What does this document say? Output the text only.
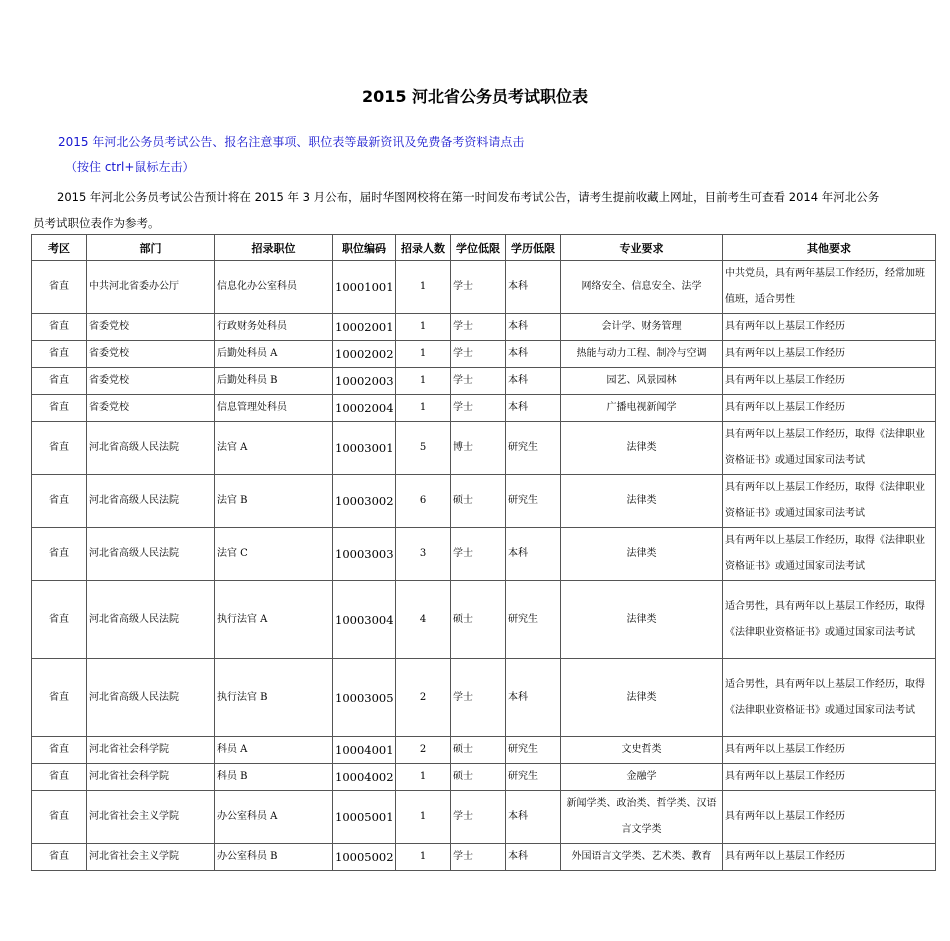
2015 河北省公务员考试职位表
2015 年河北公务员考试公告、报名注意事项、职位表等最新资讯及免费备考资料请点击
（按住 ctrl+鼠标左击）
2015 年河北公务员考试公告预计将在 2015 年 3 月公布，届时华图网校将在第一时间发布考试公告，请考生提前收藏上网址，目前考生可查看 2014 年河北公务员考试职位表作为参考。
考区	部门	招录职位	职位编码	招录人数	学位低限	学历低限	专业要求	其他要求
省直	中共河北省委办公厅	信息化办公室科员	10001001	1	学士	本科	网络安全、信息安全、法学	中共党员，具有两年基层工作经历，经常加班值班，适合男性
省直	省委党校	行政财务处科员	10002001	1	学士	本科	会计学、财务管理	具有两年以上基层工作经历
省直	省委党校	后勤处科员 A	10002002	1	学士	本科	热能与动力工程、制冷与空调	具有两年以上基层工作经历
省直	省委党校	后勤处科员 B	10002003	1	学士	本科	园艺、风景园林	具有两年以上基层工作经历
省直	省委党校	信息管理处科员	10002004	1	学士	本科	广播电视新闻学	具有两年以上基层工作经历
省直	河北省高级人民法院	法官 A	10003001	5	博士	研究生	法律类	具有两年以上基层工作经历，取得《法律职业资格证书》或通过国家司法考试
省直	河北省高级人民法院	法官 B	10003002	6	硕士	研究生	法律类	具有两年以上基层工作经历，取得《法律职业资格证书》或通过国家司法考试
省直	河北省高级人民法院	法官 C	10003003	3	学士	本科	法律类	具有两年以上基层工作经历，取得《法律职业资格证书》或通过国家司法考试
省直	河北省高级人民法院	执行法官 A	10003004	4	硕士	研究生	法律类	适合男性，具有两年以上基层工作经历，取得《法律职业资格证书》或通过国家司法考试
省直	河北省高级人民法院	执行法官 B	10003005	2	学士	本科	法律类	适合男性，具有两年以上基层工作经历，取得《法律职业资格证书》或通过国家司法考试
省直	河北省社会科学院	科员 A	10004001	2	硕士	研究生	文史哲类	具有两年以上基层工作经历
省直	河北省社会科学院	科员 B	10004002	1	硕士	研究生	金融学	具有两年以上基层工作经历
省直	河北省社会主义学院	办公室科员 A	10005001	1	学士	本科	新闻学类、政治类、哲学类、汉语言文学类	具有两年以上基层工作经历
省直	河北省社会主义学院	办公室科员 B	10005002	1	学士	本科	外国语言文学类、艺术类、教育	具有两年以上基层工作经历
